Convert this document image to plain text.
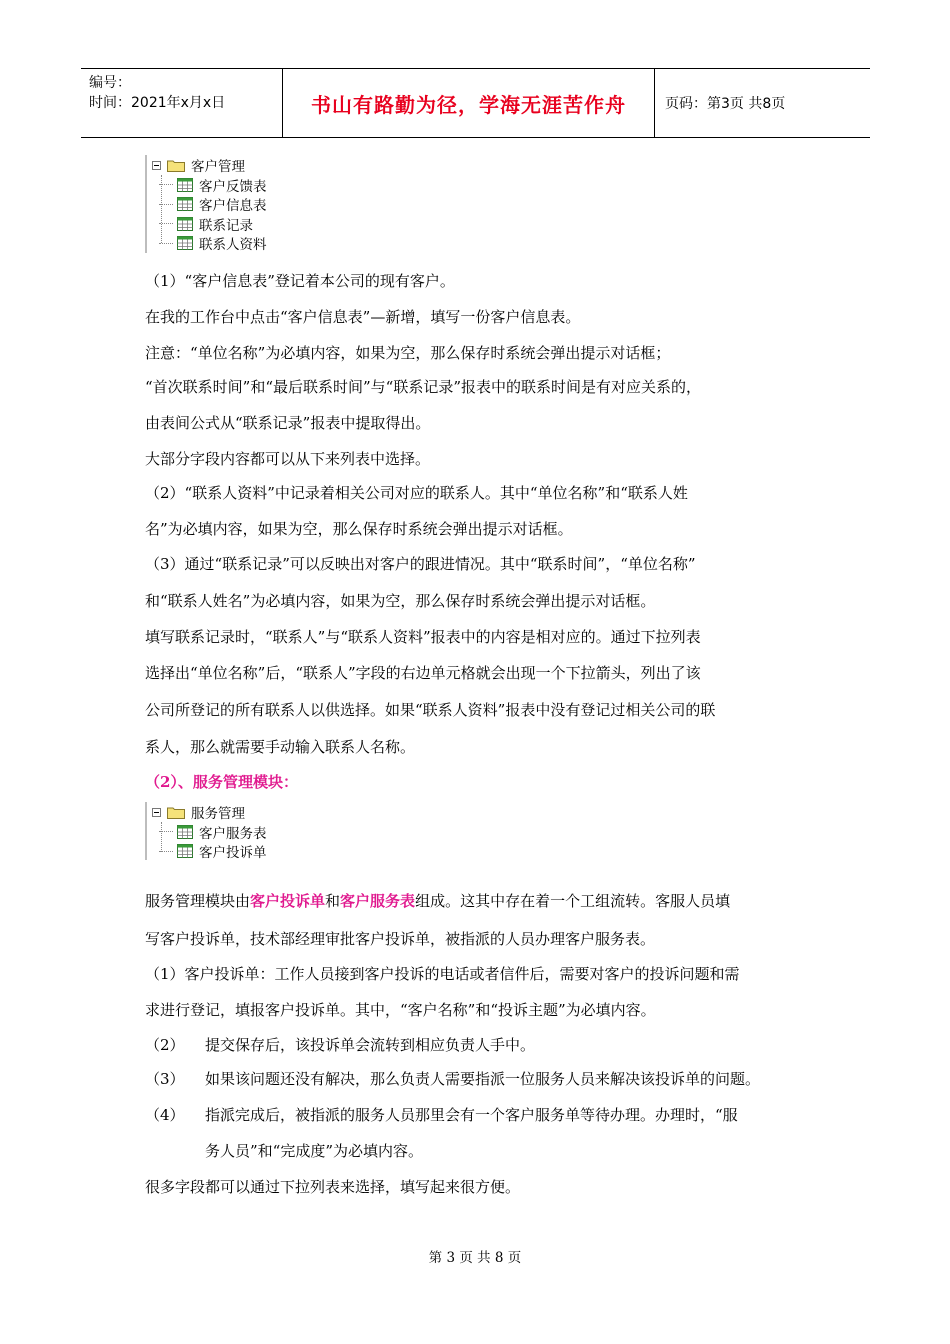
编号：
时间：2021年x月x日	书山有路勤为径，学海无涯苦作舟	页码：第3页 共8页
客户管理
客户反馈表
客户信息表
联系记录
联系人资料
（1）“客户信息表”登记着本公司的现有客户。
在我的工作台中点击“客户信息表”—新增，填写一份客户信息表。
注意：“单位名称”为必填内容，如果为空，那么保存时系统会弹出提示对话框；
“首次联系时间”和“最后联系时间”与“联系记录”报表中的联系时间是有对应关系的，
由表间公式从“联系记录”报表中提取得出。
大部分字段内容都可以从下来列表中选择。
（2）“联系人资料”中记录着相关公司对应的联系人。其中“单位名称”和“联系人姓
名”为必填内容，如果为空，那么保存时系统会弹出提示对话框。
（3）通过“联系记录”可以反映出对客户的跟进情况。其中“联系时间”，“单位名称”
和“联系人姓名”为必填内容，如果为空，那么保存时系统会弹出提示对话框。
填写联系记录时，“联系人”与“联系人资料”报表中的内容是相对应的。通过下拉列表
选择出“单位名称”后，“联系人”字段的右边单元格就会出现一个下拉箭头，列出了该
公司所登记的所有联系人以供选择。如果“联系人资料”报表中没有登记过相关公司的联
系人，那么就需要手动输入联系人名称。
（2）、服务管理模块：
服务管理
客户服务表
客户投诉单
服务管理模块由客户投诉单和客户服务表组成。这其中存在着一个工组流转。客服人员填
写客户投诉单，技术部经理审批客户投诉单，被指派的人员办理客户服务表。
（1）客户投诉单：工作人员接到客户投诉的电话或者信件后，需要对客户的投诉问题和需
求进行登记，填报客户投诉单。其中，“客户名称”和“投诉主题”为必填内容。
（2） 提交保存后，该投诉单会流转到相应负责人手中。
（3） 如果该问题还没有解决，那么负责人需要指派一位服务人员来解决该投诉单的问题。
（4） 指派完成后，被指派的服务人员那里会有一个客户服务单等待办理。办理时，“服
务人员”和“完成度”为必填内容。
很多字段都可以通过下拉列表来选择，填写起来很方便。
第 3 页 共 8 页
